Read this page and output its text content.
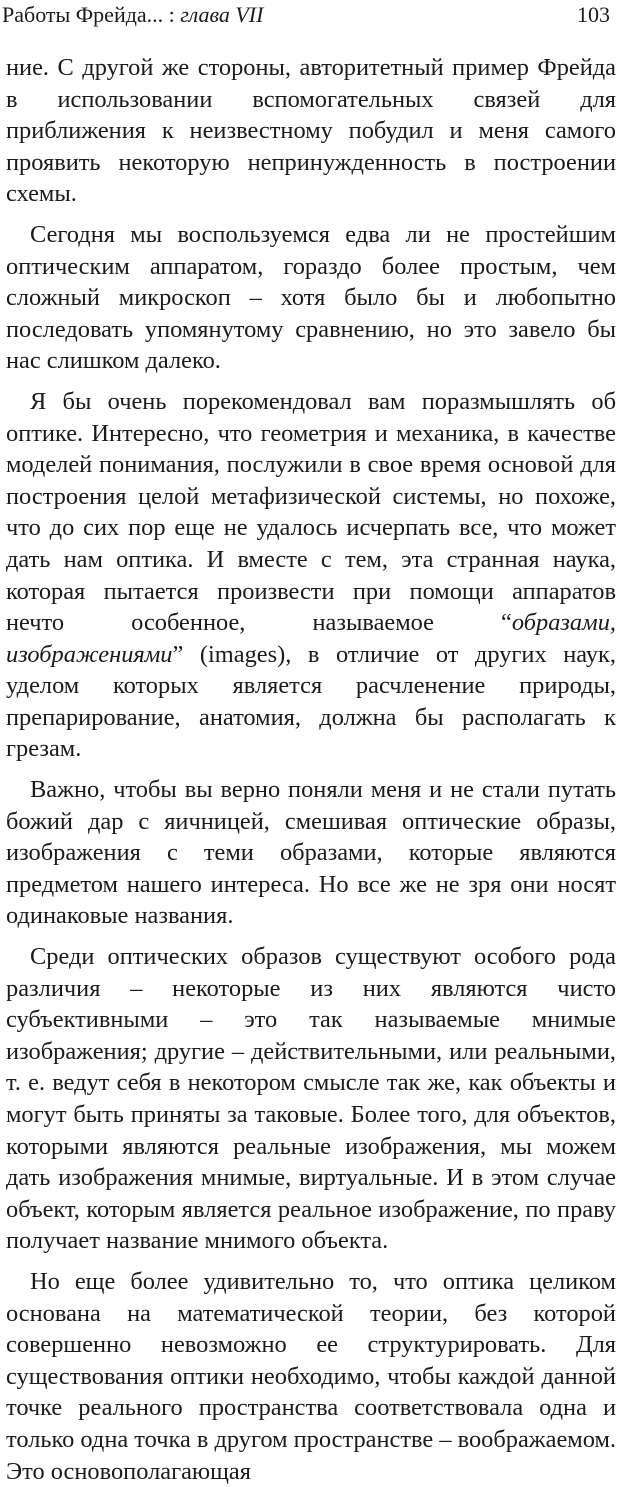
Работы Фрейда... : глава VII	103

ние. С другой же стороны, авторитетный пример Фрейда в использовании вспомогательных связей для приближения к неизвестному побудил и меня самого проявить некоторую непринужденность в построении схемы.

Сегодня мы воспользуемся едва ли не простейшим оптическим аппаратом, гораздо более простым, чем сложный микроскоп – хотя было бы и любопытно последовать упомянутому сравнению, но это завело бы нас слишком далеко.

Я бы очень порекомендовал вам поразмышлять об оптике. Интересно, что геометрия и механика, в качестве моделей понимания, послужили в свое время основой для построения целой метафизической системы, но похоже, что до сих пор еще не удалось исчерпать все, что может дать нам оптика. И вместе с тем, эта странная наука, которая пытается произвести при помощи аппаратов нечто особенное, называемое “образами, изображениями” (images), в отличие от других наук, уделом которых является расчленение природы, препарирование, анатомия, должна бы располагать к грезам.

Важно, чтобы вы верно поняли меня и не стали путать божий дар с яичницей, смешивая оптические образы, изображения с теми образами, которые являются предметом нашего интереса. Но все же не зря они носят одинаковые названия.

Среди оптических образов существуют особого рода различия – некоторые из них являются чисто субъективными – это так называемые мнимые изображения; другие – действительными, или реальными, т. е. ведут себя в некотором смысле так же, как объекты и могут быть приняты за таковые. Более того, для объектов, которыми являются реальные изображения, мы можем дать изображения мнимые, виртуальные. И в этом случае объект, которым является реальное изображение, по праву получает название мнимого объекта.

Но еще более удивительно то, что оптика целиком основана на математической теории, без которой совершенно невозможно ее структурировать. Для существования оптики необходимо, чтобы каждой данной точке реального пространства соответствовала одна и только одна точка в другом пространстве – воображаемом. Это основополагающая
